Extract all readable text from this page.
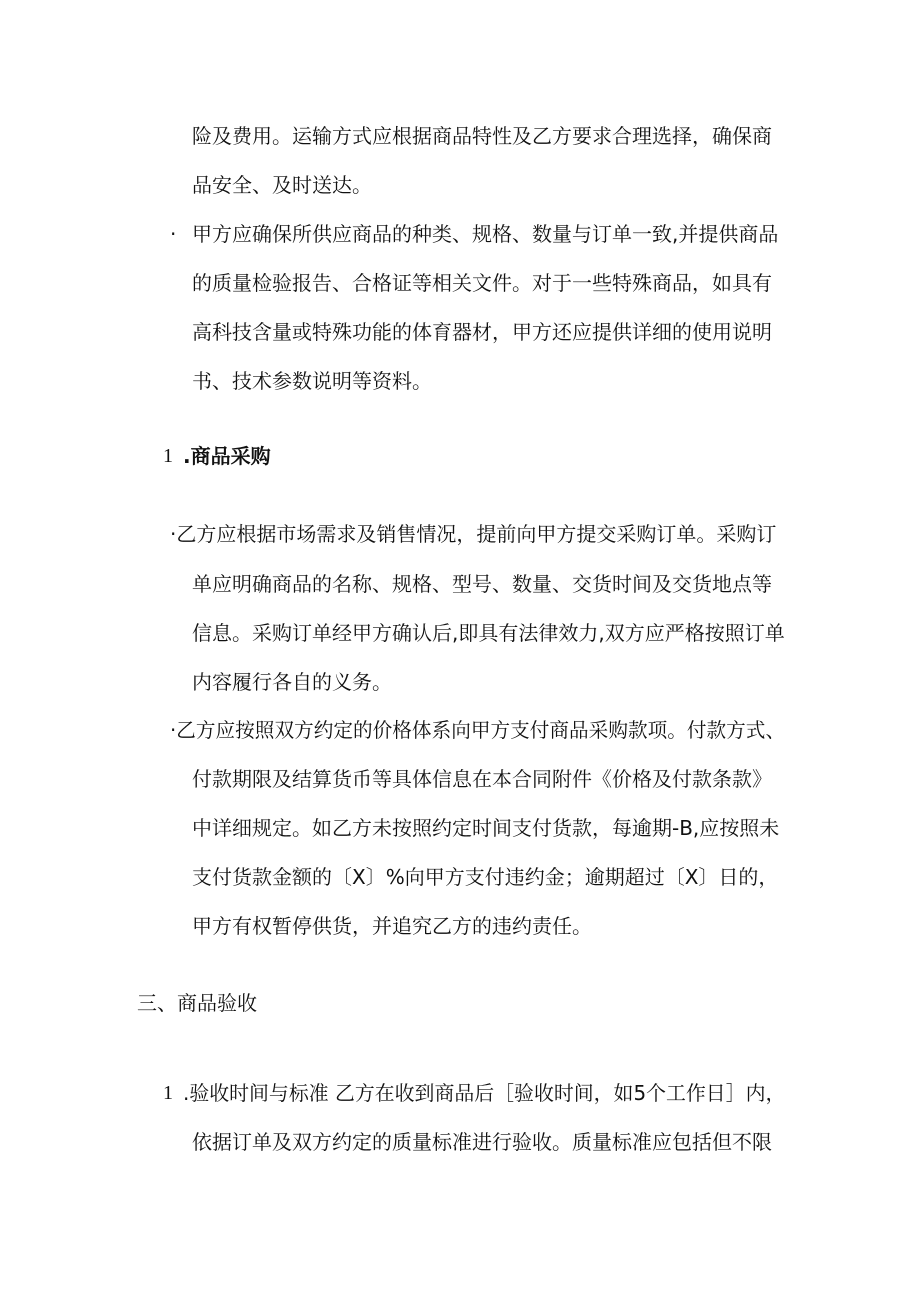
险及费用。运输方式应根据商品特性及乙方要求合理选择，确保商
品安全、及时送达。
· 甲方应确保所供应商品的种类、规格、数量与订单一致,并提供商品
的质量检验报告、合格证等相关文件。对于一些特殊商品，如具有
高科技含量或特殊功能的体育器材，甲方还应提供详细的使用说明
书、技术参数说明等资料。
1 .商品采购
·乙方应根据市场需求及销售情况，提前向甲方提交采购订单。采购订
单应明确商品的名称、规格、型号、数量、交货时间及交货地点等
信息。采购订单经甲方确认后,即具有法律效力,双方应严格按照订单
内容履行各自的义务。
·乙方应按照双方约定的价格体系向甲方支付商品采购款项。付款方式、
付款期限及结算货币等具体信息在本合同附件《价格及付款条款》
中详细规定。如乙方未按照约定时间支付货款，每逾期-B,应按照未
支付货款金额的〔X〕%向甲方支付违约金；逾期超过〔X〕日的，
甲方有权暂停供货，并追究乙方的违约责任。
三、商品验收
1 .验收时间与标准 乙方在收到商品后［验收时间，如5个工作日］内，
依据订单及双方约定的质量标准进行验收。质量标准应包括但不限
